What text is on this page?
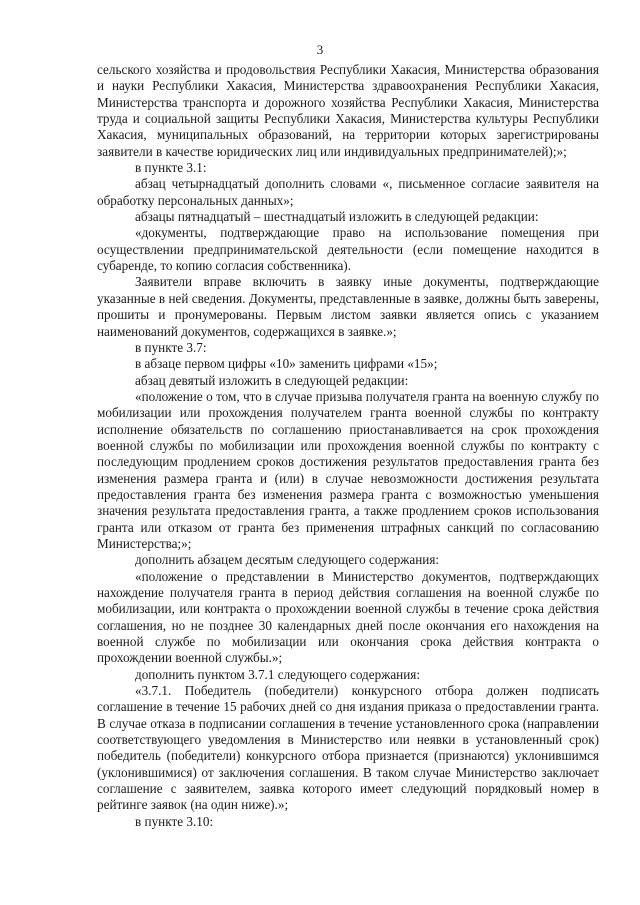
3

сельского хозяйства и продовольствия Республики Хакасия, Министерства образования и науки Республики Хакасия, Министерства здравоохранения Республики Хакасия, Министерства транспорта и дорожного хозяйства Республики Хакасия, Министерства труда и социальной защиты Республики Хакасия, Министерства культуры Республики Хакасия, муниципальных образований, на территории которых зарегистрированы заявители в качестве юридических лиц или индивидуальных предпринимателей);»;

в пункте 3.1:

абзац четырнадцатый дополнить словами «, письменное согласие заявителя на обработку персональных данных»;

абзацы пятнадцатый – шестнадцатый изложить в следующей редакции:

«документы, подтверждающие право на использование помещения при осуществлении предпринимательской деятельности (если помещение находится в субаренде, то копию согласия собственника).

Заявители вправе включить в заявку иные документы, подтверждающие указанные в ней сведения. Документы, представленные в заявке, должны быть заверены, прошиты и пронумерованы. Первым листом заявки является опись с указанием наименований документов, содержащихся в заявке.»;

в пункте 3.7:

в абзаце первом цифры «10» заменить цифрами «15»;

абзац девятый изложить в следующей редакции:

«положение о том, что в случае призыва получателя гранта на военную службу по мобилизации или прохождения получателем гранта военной службы по контракту исполнение обязательств по соглашению приостанавливается на срок прохождения военной службы по мобилизации или прохождения военной службы по контракту с последующим продлением сроков достижения результатов предоставления гранта без изменения размера гранта и (или) в случае невозможности достижения результата предоставления гранта без изменения размера гранта с возможностью уменьшения значения результата предоставления гранта, а также продлением сроков использования гранта или отказом от гранта без применения штрафных санкций по согласованию Министерства;»;

дополнить абзацем десятым следующего содержания:

«положение о представлении в Министерство документов, подтверждающих нахождение получателя гранта в период действия соглашения на военной службе по мобилизации, или контракта о прохождении военной службы в течение срока действия соглашения, но не позднее 30 календарных дней после окончания его нахождения на военной службе по мобилизации или окончания срока действия контракта о прохождении военной службы.»;

дополнить пунктом 3.7.1 следующего содержания:

«3.7.1. Победитель (победители) конкурсного отбора должен подписать соглашение в течение 15 рабочих дней со дня издания приказа о предоставлении гранта. В случае отказа в подписании соглашения в течение установленного срока (направлении соответствующего уведомления в Министерство или неявки в установленный срок) победитель (победители) конкурсного отбора признается (признаются) уклонившимся (уклонившимися) от заключения соглашения. В таком случае Министерство заключает соглашение с заявителем, заявка которого имеет следующий порядковый номер в рейтинге заявок (на один ниже).»;

в пункте 3.10:
